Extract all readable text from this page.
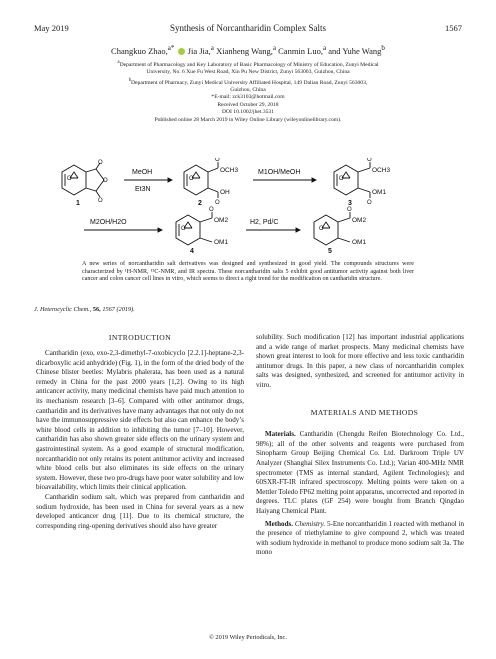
May 2019	Synthesis of Norcantharidin Complex Salts	1567
Changkuo Zhao,$^{a*}$ Jia Jia,$^a$ Xianheng Wang,$^a$ Canmin Luo,$^a$ and Yuhe Wang$^b$
$^a$Department of Pharmacology and Key Laboratory of Basic Pharmacology of Ministry of Education, Zunyi Medical
University, No. 6 Xue Fu West Road, Xin Pu New District, Zunyi 563003, Guizhou, China
$^b$Department of Pharmacy, Zunyi Medical University Affiliated Hospital, 149 Dalian Road, Zunyi 563003,
Guizhou, China
*E-mail: zck3103@hotmail.com
Received October 29, 2018
DOI 10.1002/jhet.3531
Published online 28 March 2019 in Wiley Online Library (wileyonlinelibrary.com).
O	O
O
O
1
MeOH
Et3N
O
O
O
OCH3
OH
2
M1OH/MeOH
O
O
O
OCH3
OM1
3
M2OH/H2O
O
O
OM2
OM1
4
H2, Pd/C
O
O
OM2
OM1
5
A new series of norcantharidin salt derivatives was designed and synthesized in good yield. The compounds structures were characterized by ¹H-NMR, ¹³C-NMR, and IR spectra. These norcantharidin salts 5 exhibit good antitumor activity against both liver cancer and colon cancer cell lines in vitro, which seems to direct a right trend for the modification on cantharidin structure.
J. Heterocyclic Chem., 56, 1567 (2019).
INTRODUCTION

Cantharidin (exo, exo-2,3-dimethyl-7-oxobicyclo [2.2.1]-heptane-2,3-dicarboxylic acid anhydride) (Fig. 1), in the form of the dried body of the Chinese blister beetles: Mylabris phalerata, has been used as a natural remedy in China for the past 2000 years [1,2]. Owing to its high anticancer activity, many medicinal chemists have paid much attention to its mechanism research [3–6]. Compared with other antitumor drugs, cantharidin and its derivatives have many advantages that not only do not have the immunosuppressive side effects but also can enhance the body’s white blood cells in addition to inhibiting the tumor [7–10]. However, cantharidin has also shown greater side effects on the urinary system and gastrointestinal system. As a good example of structural modification, norcantharidin not only retains its potent antitumor activity and increased white blood cells but also eliminates its side effects on the urinary system. However, these two pro-drugs have poor water solubility and low bioavailability, which limits their clinical application.

Cantharidin sodium salt, which was prepared from cantharidin and sodium hydroxide, has been used in China for several years as a new developed anticancer drug [11]. Due to its chemical structure, the corresponding ring-opening derivatives should also have greater

solubility. Such modification [12] has important industrial applications and a wide range of market prospects. Many medicinal chemists have shown great interest to look for more effective and less toxic cantharidin antitumor drugs. In this paper, a new class of norcantharidin complex salts was designed, synthesized, and screened for antitumor activity in vitro.

MATERIALS AND METHODS

Materials. Cantharidin (Chengdu Reifen Biotechnology Co. Ltd., 98%); all of the other solvents and reagents were purchased from Sinopharm Group Beijing Chemical Co. Ltd. Darkroom Triple UV Analyzer (Shanghai Silex Instruments Co. Ltd.); Varian 400-MHz NMR spectrometer (TMS as internal standard, Agilent Technologies); and 60SXR-FT-IR infrared spectroscopy. Melting points were taken on a Mettler Toledo FP62 melting point apparatus, uncorrected and reported in degrees. TLC plates (GF 254) were bought from Branch Qingdao Haiyang Chemical Plant.

Methods. Chemistry. 5-Ene norcantharidin 1 reacted with methanol in the presence of triethylamine to give compound 2, which was treated with sodium hydroxide in methanol to produce mono sodium salt 3a. The mono

© 2019 Wiley Periodicals, Inc.
